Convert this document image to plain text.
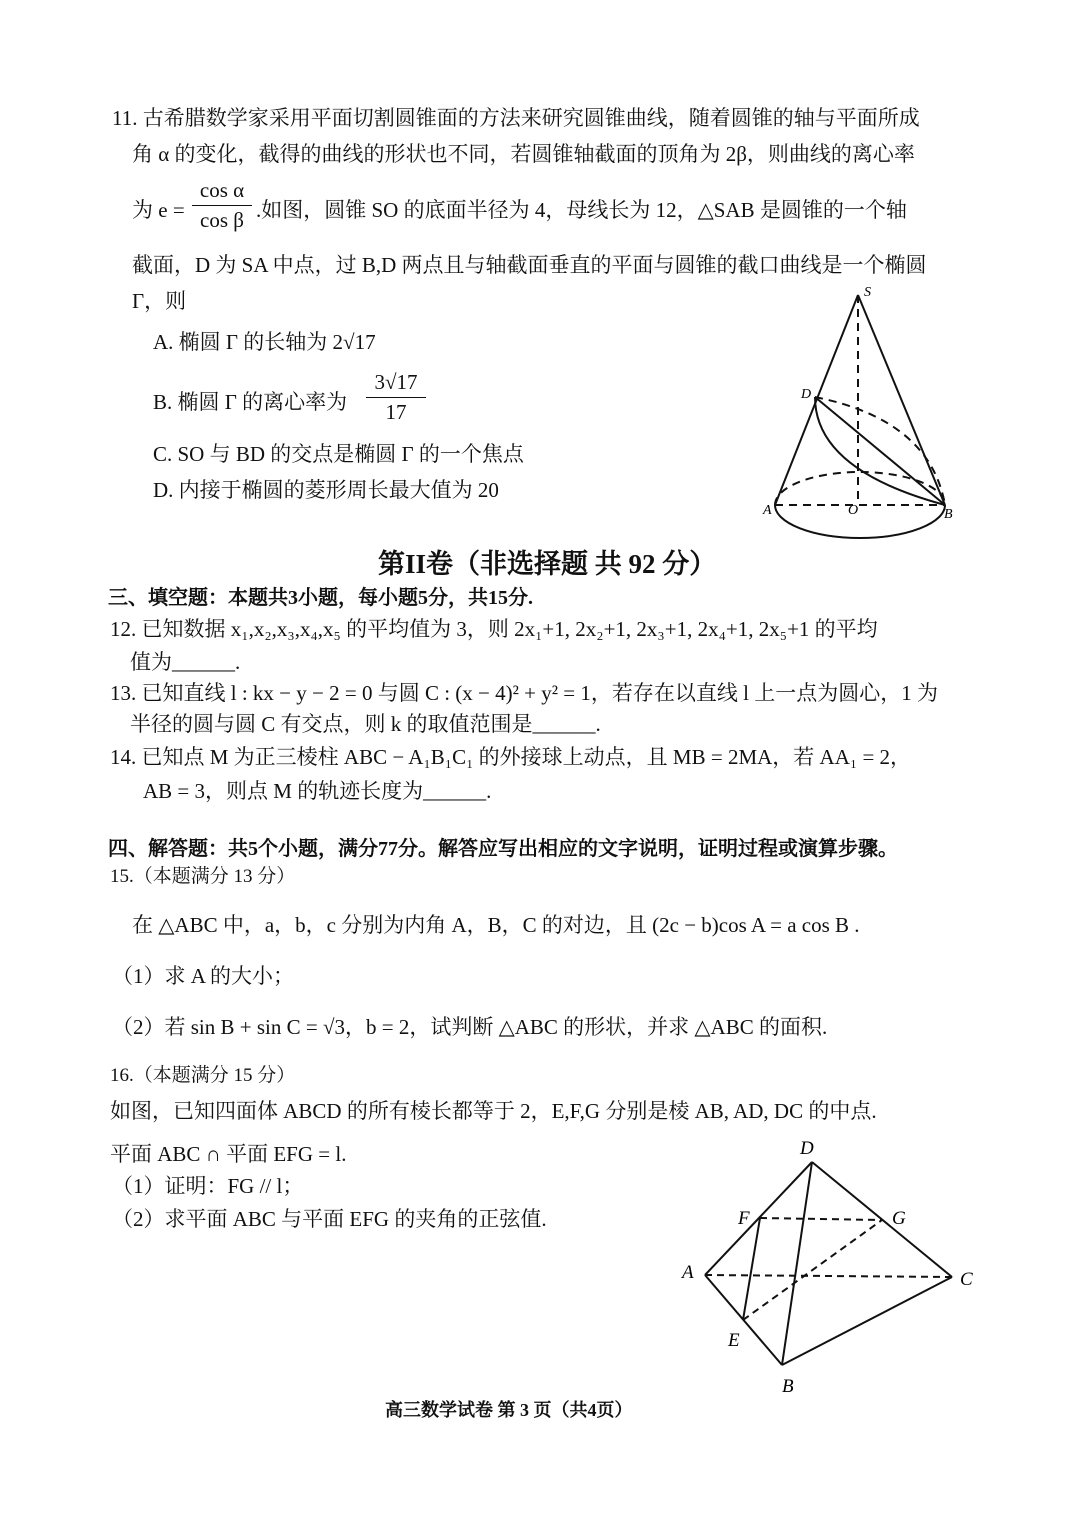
11. 古希腊数学家采用平面切割圆锥面的方法来研究圆锥曲线，随着圆锥的轴与平面所成
角 α 的变化，截得的曲线的形状也不同，若圆锥轴截面的顶角为 2β，则曲线的离心率
为 e =
cos α
cos β .如图，圆锥 SO 的底面半径为 4，母线长为 12，△SAB 是圆锥的一个轴
截面，D 为 SA 中点，过 B,D 两点且与轴截面垂直的平面与圆锥的截口曲线是一个椭圆
Γ，则
A. 椭圆 Γ 的长轴为 2√17
B. 椭圆 Γ 的离心率为
3√17
17
C. SO 与 BD 的交点是椭圆 Γ 的一个焦点
D. 内接于椭圆的菱形周长最大值为 20
S
D
A	O	B
第II卷（非选择题 共 92 分）
三、填空题：本题共3小题，每小题5分，共15分.
12. 已知数据 x₁,x₂,x₃,x₄,x₅ 的平均值为 3，则 2x₁+1, 2x₂+1, 2x₃+1, 2x₄+1, 2x₅+1 的平均
值为______.
13. 已知直线 l : kx − y − 2 = 0 与圆 C : (x − 4)² + y² = 1，若存在以直线 l 上一点为圆心，1 为
半径的圆与圆 C 有交点，则 k 的取值范围是______.
14. 已知点 M 为正三棱柱 ABC − A₁B₁C₁ 的外接球上动点，且 MB = 2MA，若 AA₁ = 2，
AB = 3，则点 M 的轨迹长度为______.
四、解答题：共5个小题，满分77分。解答应写出相应的文字说明，证明过程或演算步骤。
15.（本题满分 13 分）
在 △ABC 中，a，b，c 分别为内角 A，B，C 的对边，且 (2c − b)cos A = a cos B .
（1）求 A 的大小；
（2）若 sin B + sin C = √3，b = 2，试判断 △ABC 的形状，并求 △ABC 的面积.
16.（本题满分 15 分）
如图，已知四面体 ABCD 的所有棱长都等于 2，E,F,G 分别是棱 AB, AD, DC 的中点.
平面 ABC ∩ 平面 EFG = l.
（1）证明：FG // l；
（2）求平面 ABC 与平面 EFG 的夹角的正弦值.
D
F	G
A	C
E
B
高三数学试卷 第 3 页（共4页）
